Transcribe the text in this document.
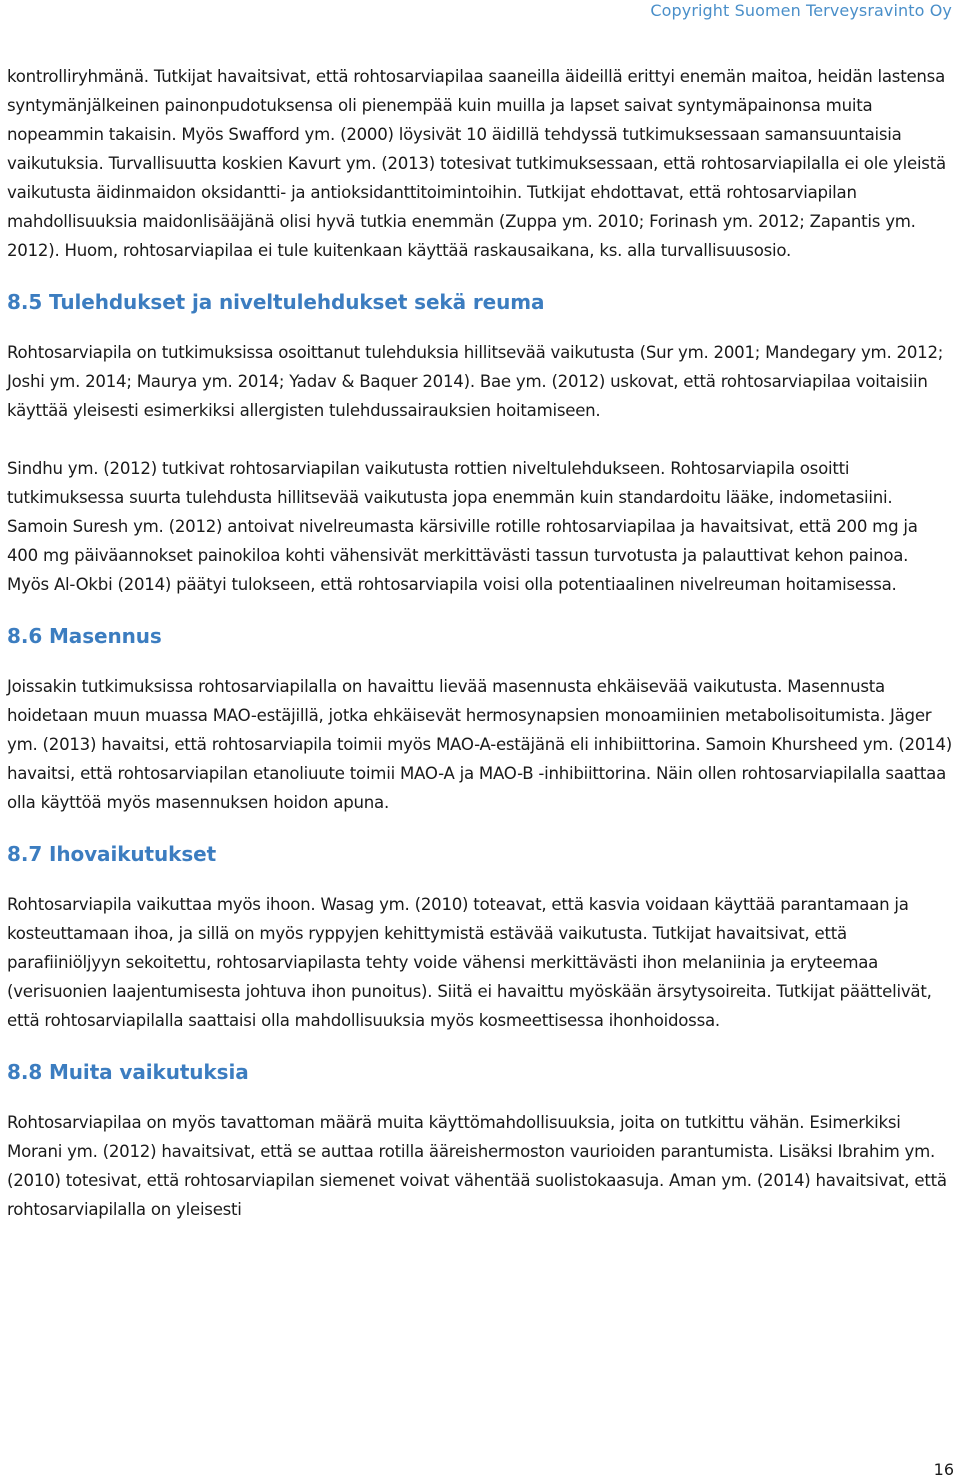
Copyright Suomen Terveysravinto Oy

kontrolliryhmänä. Tutkijat havaitsivat, että rohtosarviapilaa saaneilla äideillä erittyi enemän maitoa, heidän lastensa syntymänjälkeinen painonpudotuksensa oli pienempää kuin muilla ja lapset saivat syntymäpainonsa muita nopeammin takaisin. Myös Swafford ym. (2000) löysivät 10 äidillä tehdyssä tutkimuksessaan samansuuntaisia vaikutuksia. Turvallisuutta koskien Kavurt ym. (2013) totesivat tutkimuksessaan, että rohtosarviapilalla ei ole yleistä vaikutusta äidinmaidon oksidantti- ja antioksidanttitoimintoihin. Tutkijat ehdottavat, että rohtosarviapilan mahdollisuuksia maidonlisääjänä olisi hyvä tutkia enemmän (Zuppa ym. 2010; Forinash ym. 2012; Zapantis ym. 2012). Huom, rohtosarviapilaa ei tule kuitenkaan käyttää raskausaikana, ks. alla turvallisuusosio.

8.5 Tulehdukset ja niveltulehdukset sekä reuma

Rohtosarviapila on tutkimuksissa osoittanut tulehduksia hillitsevää vaikutusta (Sur ym. 2001; Mandegary ym. 2012; Joshi ym. 2014; Maurya ym. 2014; Yadav & Baquer 2014). Bae ym. (2012) uskovat, että rohtosarviapilaa voitaisiin käyttää yleisesti esimerkiksi allergisten tulehdussairauksien hoitamiseen.

Sindhu ym. (2012) tutkivat rohtosarviapilan vaikutusta rottien niveltulehdukseen. Rohtosarviapila osoitti tutkimuksessa suurta tulehdusta hillitsevää vaikutusta jopa enemmän kuin standardoitu lääke, indometasiini. Samoin Suresh ym. (2012) antoivat nivelreumasta kärsiville rotille rohtosarviapilaa ja havaitsivat, että 200 mg ja 400 mg päiväannokset painokiloa kohti vähensivät merkittävästi tassun turvotusta ja palauttivat kehon painoa. Myös Al-Okbi (2014) päätyi tulokseen, että rohtosarviapila voisi olla potentiaalinen nivelreuman hoitamisessa.

8.6 Masennus

Joissakin tutkimuksissa rohtosarviapilalla on havaittu lievää masennusta ehkäisevää vaikutusta. Masennusta hoidetaan muun muassa MAO-estäjillä, jotka ehkäisevät hermosynapsien monoamiinien metabolisoitumista. Jäger ym. (2013) havaitsi, että rohtosarviapila toimii myös MAO-A-estäjänä eli inhibiittorina. Samoin Khursheed ym. (2014) havaitsi, että rohtosarviapilan etanoliuute toimii MAO-A ja MAO-B -inhibiittorina. Näin ollen rohtosarviapilalla saattaa olla käyttöä myös masennuksen hoidon apuna.

8.7 Ihovaikutukset

Rohtosarviapila vaikuttaa myös ihoon. Wasag ym. (2010) toteavat, että kasvia voidaan käyttää parantamaan ja kosteuttamaan ihoa, ja sillä on myös ryppyjen kehittymistä estävää vaikutusta. Tutkijat havaitsivat, että parafiiniöljyyn sekoitettu, rohtosarviapilasta tehty voide vähensi merkittävästi ihon melaniinia ja eryteemaa (verisuonien laajentumisesta johtuva ihon punoitus). Siitä ei havaittu myöskään ärsytysoireita. Tutkijat päättelivät, että rohtosarviapilalla saattaisi olla mahdollisuuksia myös kosmeettisessa ihonhoidossa.

8.8 Muita vaikutuksia

Rohtosarviapilaa on myös tavattoman määrä muita käyttömahdollisuuksia, joita on tutkittu vähän. Esimerkiksi Morani ym. (2012) havaitsivat, että se auttaa rotilla ääreishermoston vaurioiden parantumista. Lisäksi Ibrahim ym. (2010) totesivat, että rohtosarviapilan siemenet voivat vähentää suolistokaasuja. Aman ym. (2014) havaitsivat, että rohtosarviapilalla on yleisesti

16
